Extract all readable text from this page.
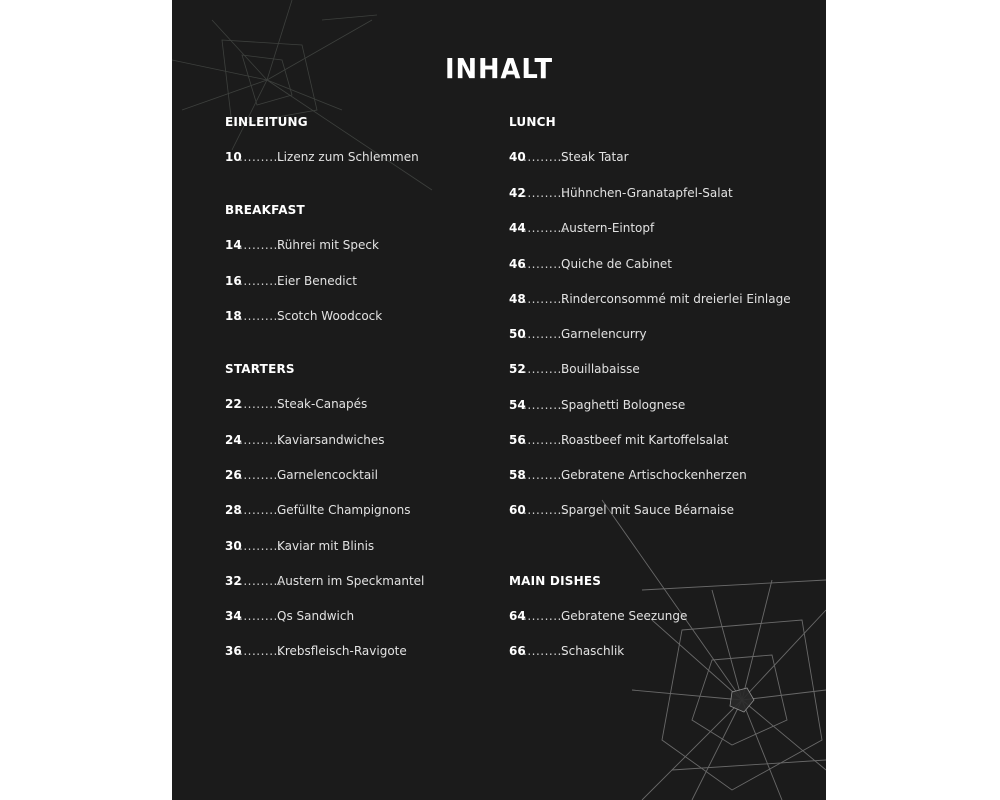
INHALT
EINLEITUNG
10 .....	Lizenz zum Schlemmen
BREAKFAST
14 .....	Rührei mit Speck
16 .....	Eier Benedict
18 .....	Scotch Woodcock
STARTERS
22 .....	Steak-Canapés
24 .....	Kaviarsandwiches
26 .....	Garnelencocktail
28 .....	Gefüllte Champignons
30 .....	Kaviar mit Blinis
32 .....	Austern im Speckmantel
34 .....	Qs Sandwich
36 .....	Krebsfleisch-Ravigote
LUNCH
40 .....	Steak Tatar
42 .....	Hühnchen-Granatapfel-Salat
44 .....	Austern-Eintopf
46 .....	Quiche de Cabinet
48 .....	Rinderconsommé mit dreierlei Einlage
50 .....	Garnelencurry
52 .....	Bouillabaisse
54 .....	Spaghetti Bolognese
56 .....	Roastbeef mit Kartoffelsalat
58 .....	Gebratene Artischockenherzen
60 .....	Spargel mit Sauce Béarnaise
MAIN DISHES
64 .....	Gebratene Seezunge
66 .....	Schaschlik
